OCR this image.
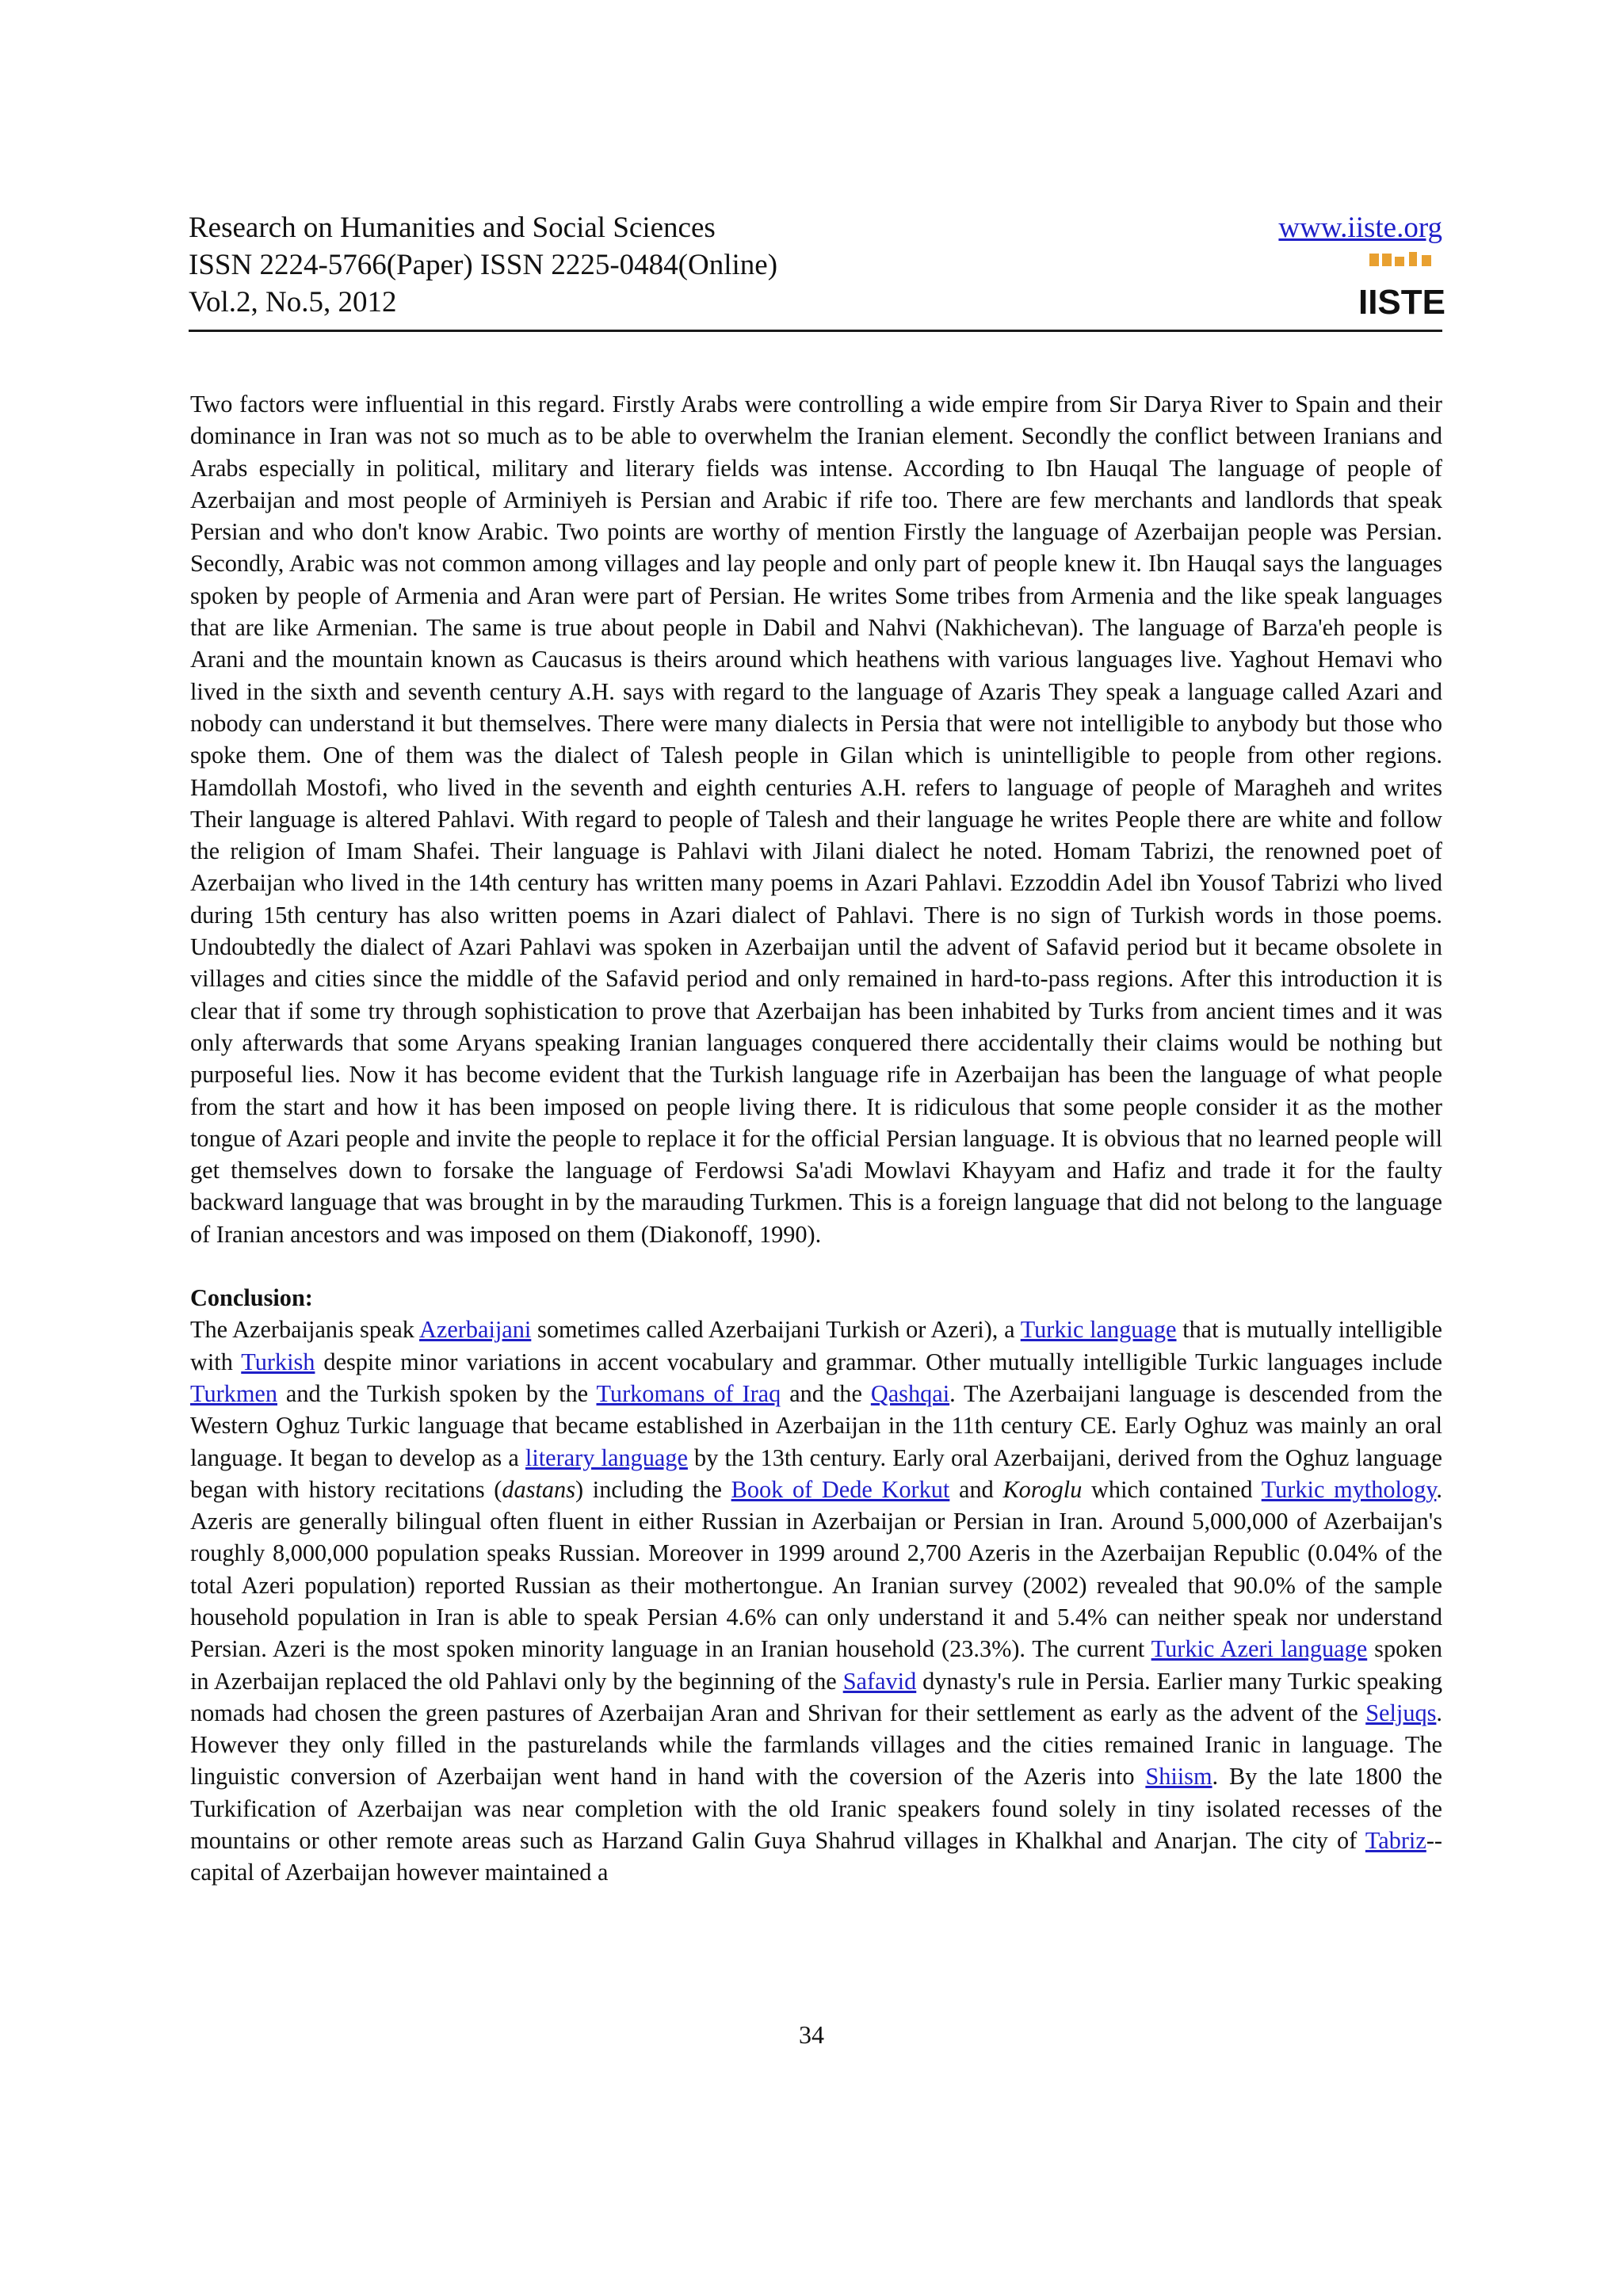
Research on Humanities and Social Sciences
ISSN 2224-5766(Paper) ISSN 2225-0484(Online)
Vol.2, No.5, 2012
www.iiste.org
IISTE

Two factors were influential in this regard. Firstly Arabs were controlling a wide empire from Sir Darya River to Spain and their dominance in Iran was not so much as to be able to overwhelm the Iranian element. Secondly the conflict between Iranians and Arabs especially in political, military and literary fields was intense. According to Ibn Hauqal The language of people of Azerbaijan and most people of Arminiyeh is Persian and Arabic if rife too. There are few merchants and landlords that speak Persian and who don't know Arabic. Two points are worthy of mention Firstly the language of Azerbaijan people was Persian. Secondly, Arabic was not common among villages and lay people and only part of people knew it. Ibn Hauqal says the languages spoken by people of Armenia and Aran were part of Persian. He writes Some tribes from Armenia and the like speak languages that are like Armenian. The same is true about people in Dabil and Nahvi (Nakhichevan). The language of Barza'eh people is Arani and the mountain known as Caucasus is theirs around which heathens with various languages live. Yaghout Hemavi who lived in the sixth and seventh century A.H. says with regard to the language of Azaris They speak a language called Azari and nobody can understand it but themselves. There were many dialects in Persia that were not intelligible to anybody but those who spoke them. One of them was the dialect of Talesh people in Gilan which is unintelligible to people from other regions. Hamdollah Mostofi, who lived in the seventh and eighth centuries A.H. refers to language of people of Maragheh and writes Their language is altered Pahlavi. With regard to people of Talesh and their language he writes People there are white and follow the religion of Imam Shafei. Their language is Pahlavi with Jilani dialect he noted. Homam Tabrizi, the renowned poet of Azerbaijan who lived in the 14th century has written many poems in Azari Pahlavi. Ezzoddin Adel ibn Yousof Tabrizi who lived during 15th century has also written poems in Azari dialect of Pahlavi. There is no sign of Turkish words in those poems. Undoubtedly the dialect of Azari Pahlavi was spoken in Azerbaijan until the advent of Safavid period but it became obsolete in villages and cities since the middle of the Safavid period and only remained in hard-to-pass regions. After this introduction it is clear that if some try through sophistication to prove that Azerbaijan has been inhabited by Turks from ancient times and it was only afterwards that some Aryans speaking Iranian languages conquered there accidentally their claims would be nothing but purposeful lies. Now it has become evident that the Turkish language rife in Azerbaijan has been the language of what people from the start and how it has been imposed on people living there. It is ridiculous that some people consider it as the mother tongue of Azari people and invite the people to replace it for the official Persian language. It is obvious that no learned people will get themselves down to forsake the language of Ferdowsi Sa'adi Mowlavi Khayyam and Hafiz and trade it for the faulty backward language that was brought in by the marauding Turkmen. This is a foreign language that did not belong to the language of Iranian ancestors and was imposed on them (Diakonoff, 1990).

Conclusion:

The Azerbaijanis speak Azerbaijani sometimes called Azerbaijani Turkish or Azeri), a Turkic language that is mutually intelligible with Turkish despite minor variations in accent vocabulary and grammar. Other mutually intelligible Turkic languages include Turkmen and the Turkish spoken by the Turkomans of Iraq and the Qashqai. The Azerbaijani language is descended from the Western Oghuz Turkic language that became established in Azerbaijan in the 11th century CE. Early Oghuz was mainly an oral language. It began to develop as a literary language by the 13th century. Early oral Azerbaijani, derived from the Oghuz language began with history recitations (dastans) including the Book of Dede Korkut and Koroglu which contained Turkic mythology. Azeris are generally bilingual often fluent in either Russian in Azerbaijan or Persian in Iran. Around 5,000,000 of Azerbaijan's roughly 8,000,000 population speaks Russian. Moreover in 1999 around 2,700 Azeris in the Azerbaijan Republic (0.04% of the total Azeri population) reported Russian as their mothertongue. An Iranian survey (2002) revealed that 90.0% of the sample household population in Iran is able to speak Persian 4.6% can only understand it and 5.4% can neither speak nor understand Persian. Azeri is the most spoken minority language in an Iranian household (23.3%). The current Turkic Azeri language spoken in Azerbaijan replaced the old Pahlavi only by the beginning of the Safavid dynasty's rule in Persia. Earlier many Turkic speaking nomads had chosen the green pastures of Azerbaijan Aran and Shrivan for their settlement as early as the advent of the Seljuqs. However they only filled in the pasturelands while the farmlands villages and the cities remained Iranic in language. The linguistic conversion of Azerbaijan went hand in hand with the coversion of the Azeris into Shiism. By the late 1800 the Turkification of Azerbaijan was near completion with the old Iranic speakers found solely in tiny isolated recesses of the mountains or other remote areas such as Harzand Galin Guya Shahrud villages in Khalkhal and Anarjan. The city of Tabriz--capital of Azerbaijan however maintained a

34
